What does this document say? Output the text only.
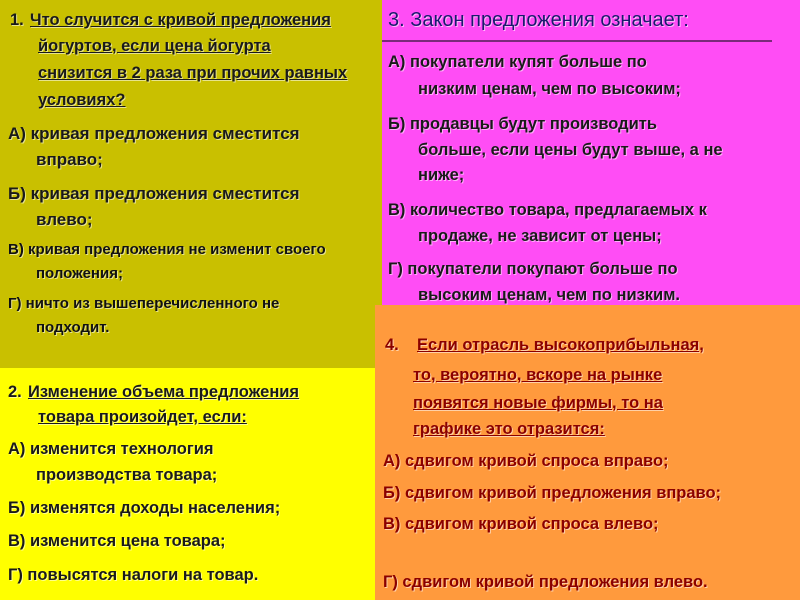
1. Что случится с кривой предложения
йогуртов, если цена йогурта
снизится в 2 раза при прочих равных
условиях?
А) кривая предложения сместится
вправо;
Б) кривая предложения сместится
влево;
В) кривая предложения не изменит своего
положения;
Г) ничто из вышеперечисленного не
подходит.
2. Изменение объема предложения
товара произойдет, если:
А) изменится технология
производства товара;
Б) изменятся доходы населения;
В) изменится цена товара;
Г) повысятся налоги на товар.
3. Закон предложения означает:
А) покупатели купят больше по
низким ценам, чем по высоким;
Б) продавцы будут производить
больше, если цены будут выше, а не
ниже;
В) количество товара, предлагаемых к
продаже, не зависит от цены;
Г) покупатели покупают больше по
высоким ценам, чем по низким.
4. Если отрасль высокоприбыльная,
то, вероятно, вскоре на рынке
появятся новые фирмы, то на
графике это отразится:
А) сдвигом кривой спроса вправо;
Б) сдвигом кривой предложения вправо;
В) сдвигом кривой спроса влево;
Г) сдвигом кривой предложения влево.
